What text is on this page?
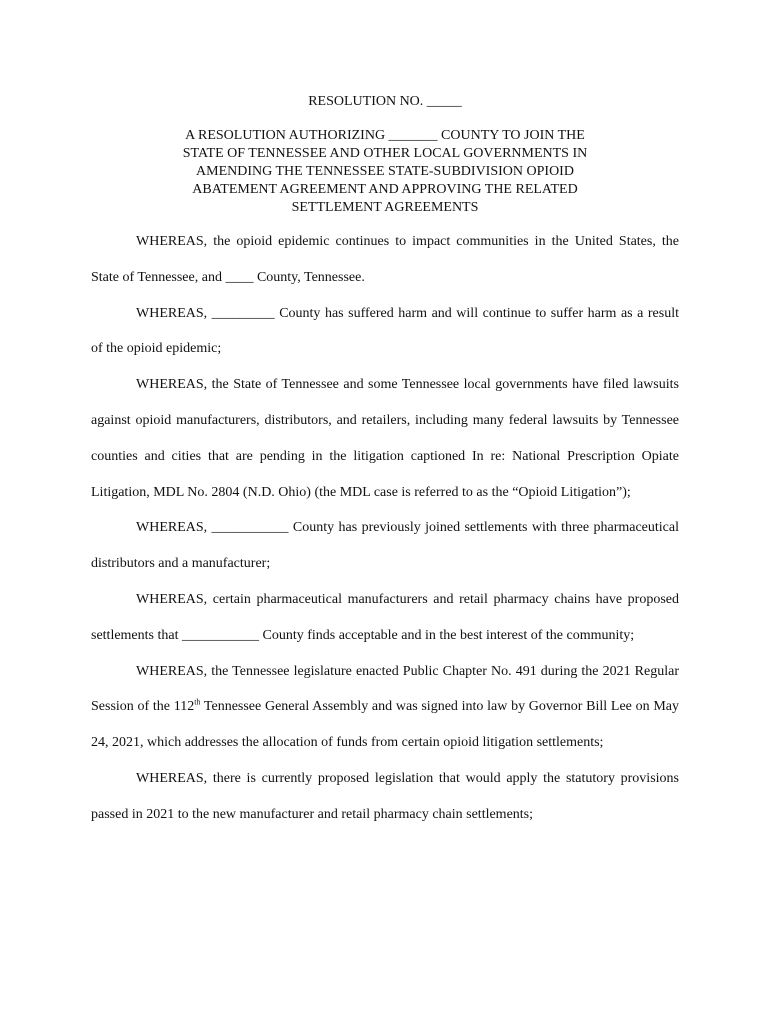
RESOLUTION NO. _____
A RESOLUTION AUTHORIZING _______ COUNTY TO JOIN THE STATE OF TENNESSEE AND OTHER LOCAL GOVERNMENTS IN AMENDING THE TENNESSEE STATE-SUBDIVISION OPIOID ABATEMENT AGREEMENT AND APPROVING THE RELATED SETTLEMENT AGREEMENTS

WHEREAS, the opioid epidemic continues to impact communities in the United States, the State of Tennessee, and ____ County, Tennessee.

WHEREAS, _________ County has suffered harm and will continue to suffer harm as a result of the opioid epidemic;

WHEREAS, the State of Tennessee and some Tennessee local governments have filed lawsuits against opioid manufacturers, distributors, and retailers, including many federal lawsuits by Tennessee counties and cities that are pending in the litigation captioned In re: National Prescription Opiate Litigation, MDL No. 2804 (N.D. Ohio) (the MDL case is referred to as the “Opioid Litigation”);

WHEREAS, ___________ County has previously joined settlements with three pharmaceutical distributors and a manufacturer;

WHEREAS, certain pharmaceutical manufacturers and retail pharmacy chains have proposed settlements that ___________ County finds acceptable and in the best interest of the community;

WHEREAS, the Tennessee legislature enacted Public Chapter No. 491 during the 2021 Regular Session of the 112th Tennessee General Assembly and was signed into law by Governor Bill Lee on May 24, 2021, which addresses the allocation of funds from certain opioid litigation settlements;

WHEREAS, there is currently proposed legislation that would apply the statutory provisions passed in 2021 to the new manufacturer and retail pharmacy chain settlements;
